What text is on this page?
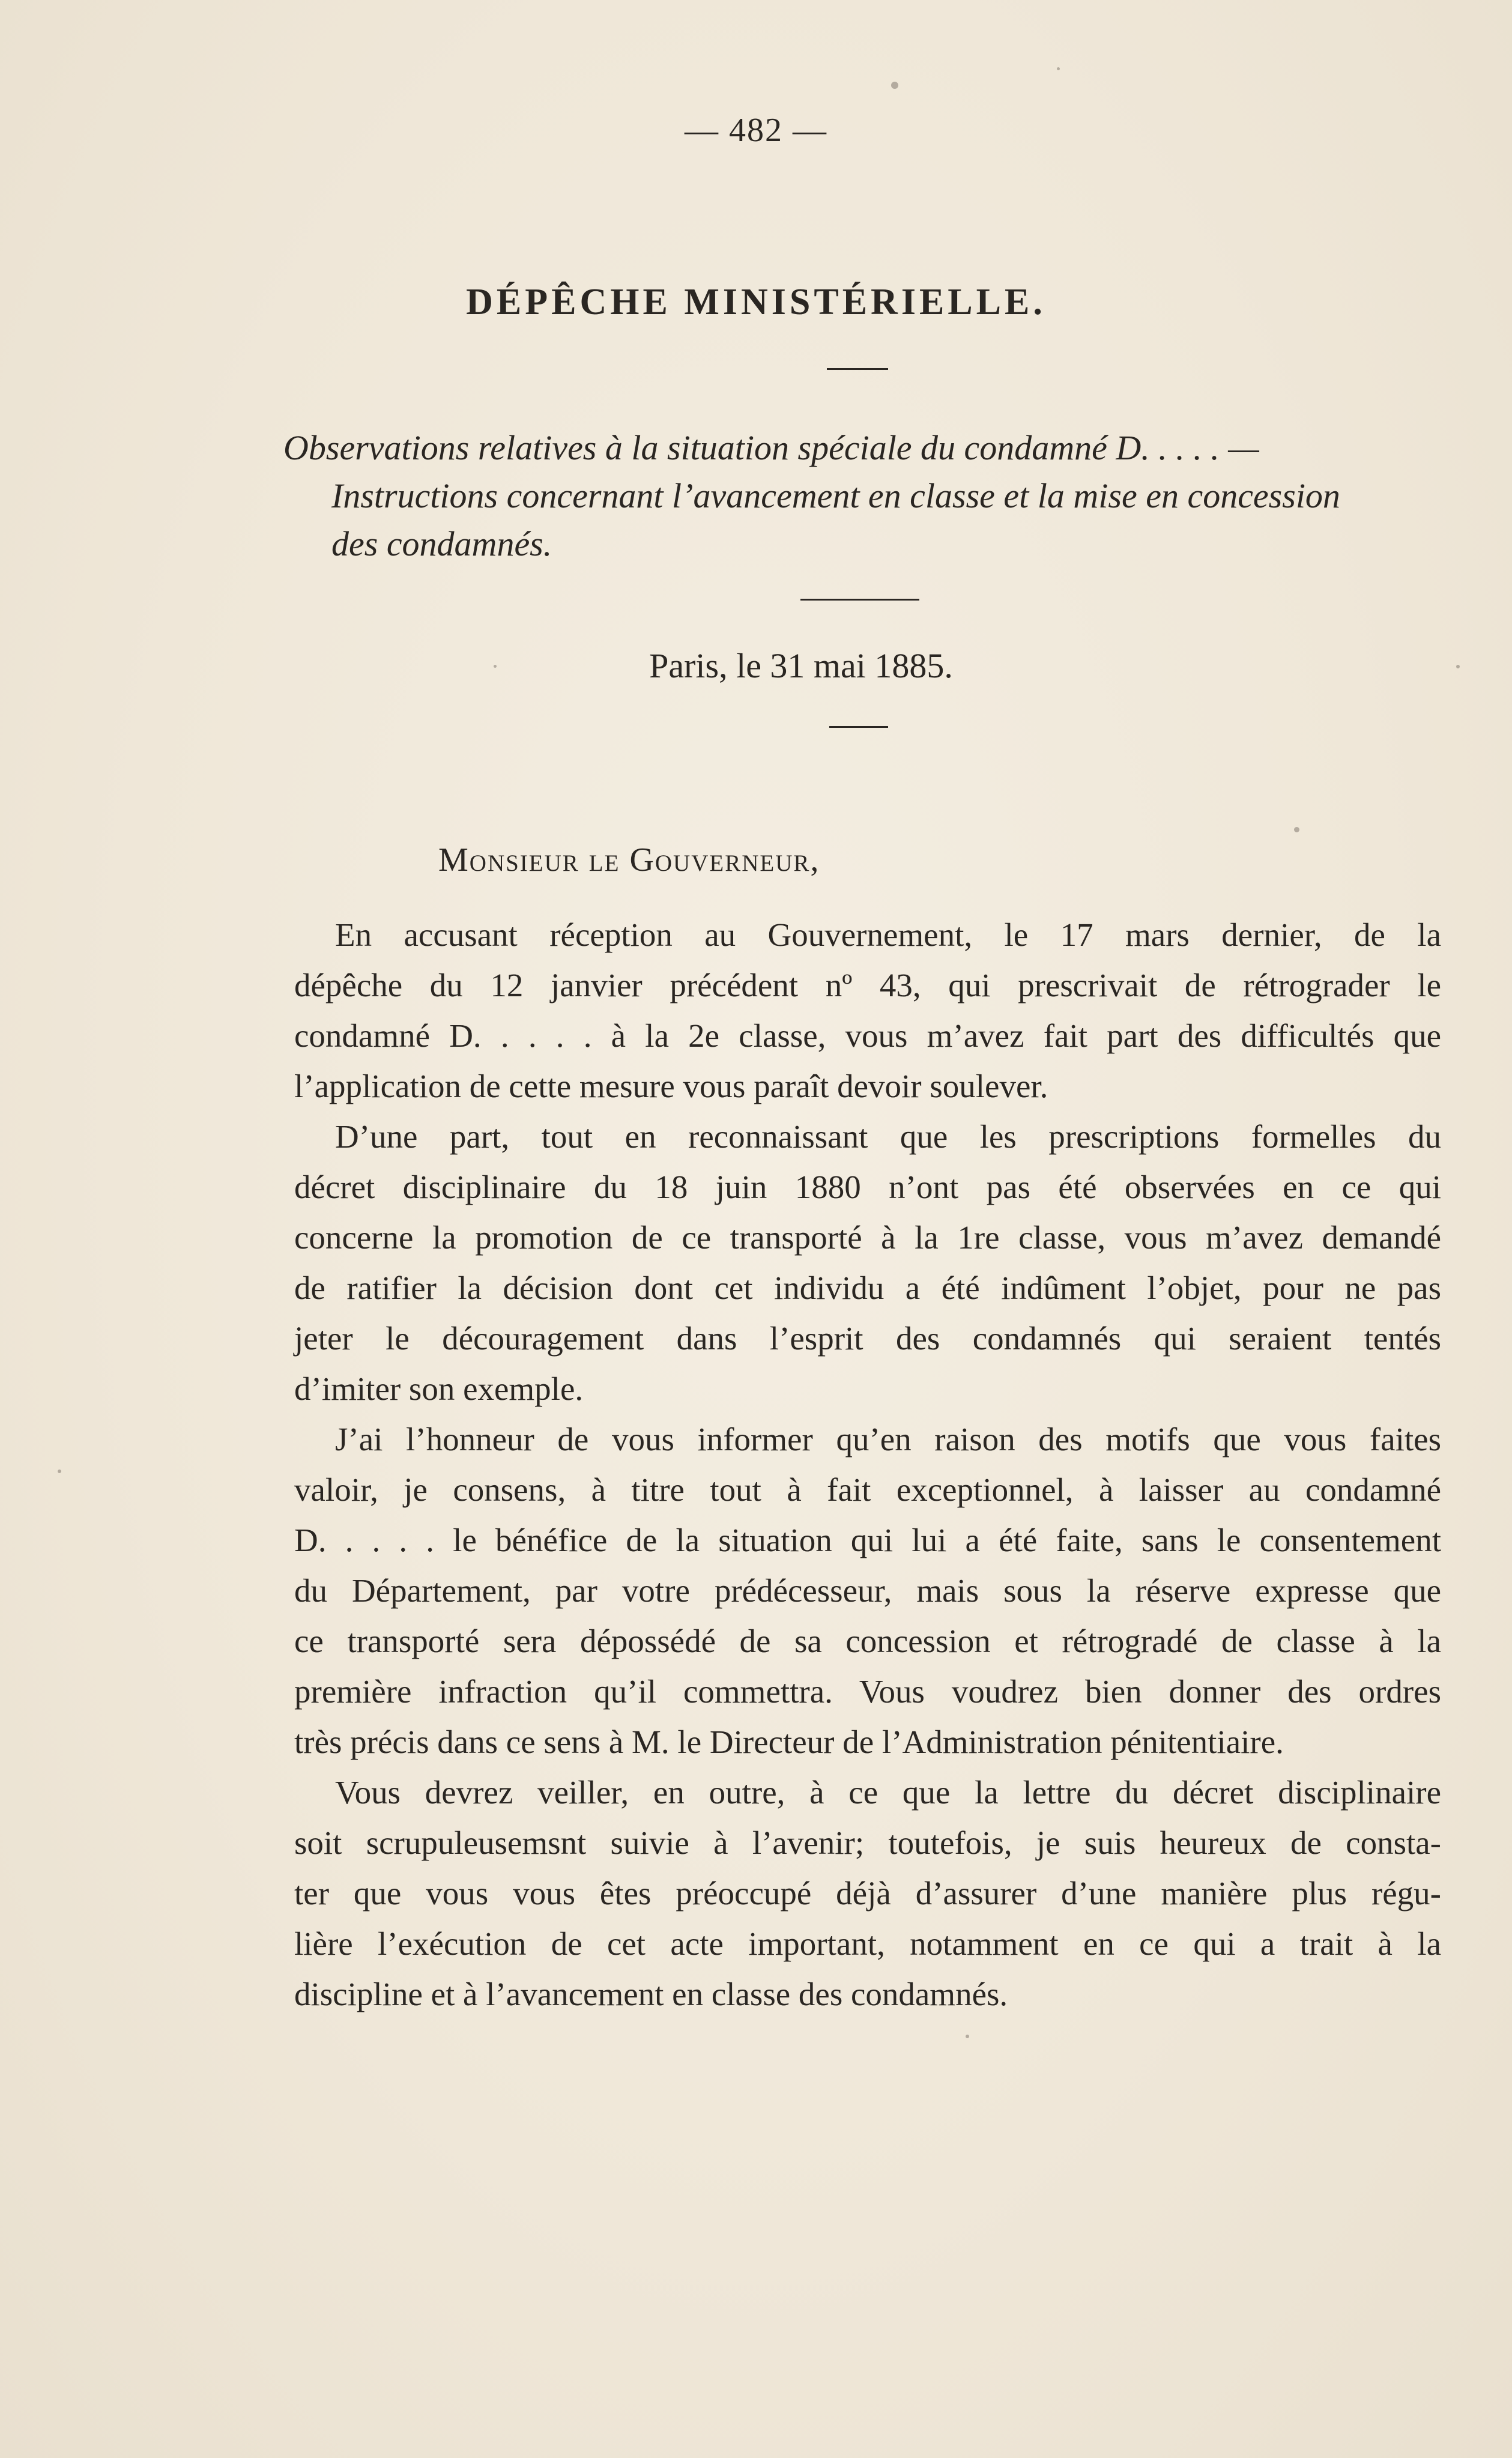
— 482 —
DÉPÊCHE MINISTÉRIELLE.
Observations relatives à la situation spéciale du condamné D. . . . . —
Instructions concernant l’avancement en classe et la mise en concession
des condamnés.
Paris, le 31 mai 1885.
Monsieur le Gouverneur,

En accusant réception au Gouvernement, le 17 mars dernier, de la
dépêche du 12 janvier précédent nº 43, qui prescrivait de rétrograder le
condamné D. . . . . à la 2e classe, vous m’avez fait part des difficultés que
l’application de cette mesure vous paraît devoir soulever.

D’une part, tout en reconnaissant que les prescriptions formelles du
décret disciplinaire du 18 juin 1880 n’ont pas été observées en ce qui
concerne la promotion de ce transporté à la 1re classe, vous m’avez demandé
de ratifier la décision dont cet individu a été indûment l’objet, pour ne pas
jeter le découragement dans l’esprit des condamnés qui seraient tentés
d’imiter son exemple.

J’ai l’honneur de vous informer qu’en raison des motifs que vous faites
valoir, je consens, à titre tout à fait exceptionnel, à laisser au condamné
D. . . . . le bénéfice de la situation qui lui a été faite, sans le consentement
du Département, par votre prédécesseur, mais sous la réserve expresse que
ce transporté sera dépossédé de sa concession et rétrogradé de classe à la
première infraction qu’il commettra. Vous voudrez bien donner des ordres
très précis dans ce sens à M. le Directeur de l’Administration pénitentiaire.

Vous devrez veiller, en outre, à ce que la lettre du décret disciplinaire
soit scrupuleusemsnt suivie à l’avenir; toutefois, je suis heureux de consta-
ter que vous vous êtes préoccupé déjà d’assurer d’une manière plus régu-
lière l’exécution de cet acte important, notamment en ce qui a trait à la
discipline et à l’avancement en classe des condamnés.
